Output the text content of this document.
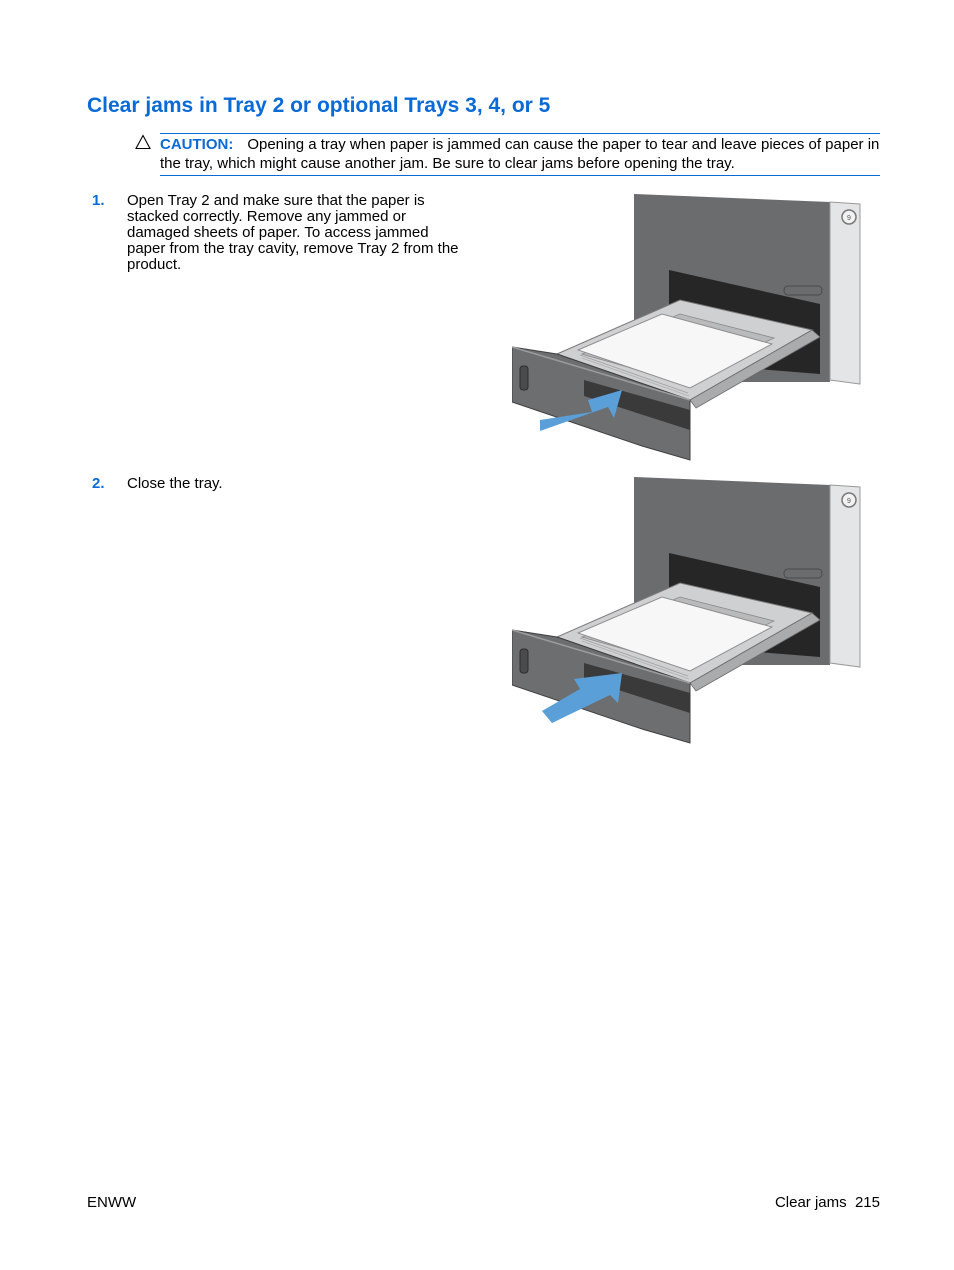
Clear jams in Tray 2 or optional Trays 3, 4, or 5
CAUTION: Opening a tray when paper is jammed can cause the paper to tear and leave pieces of paper in the tray, which might cause another jam. Be sure to clear jams before opening the tray.
1. Open Tray 2 and make sure that the paper is stacked correctly. Remove any jammed or damaged sheets of paper. To access jammed paper from the tray cavity, remove Tray 2 from the product.
9
2. Close the tray.
9
ENWW	Clear jams 215
